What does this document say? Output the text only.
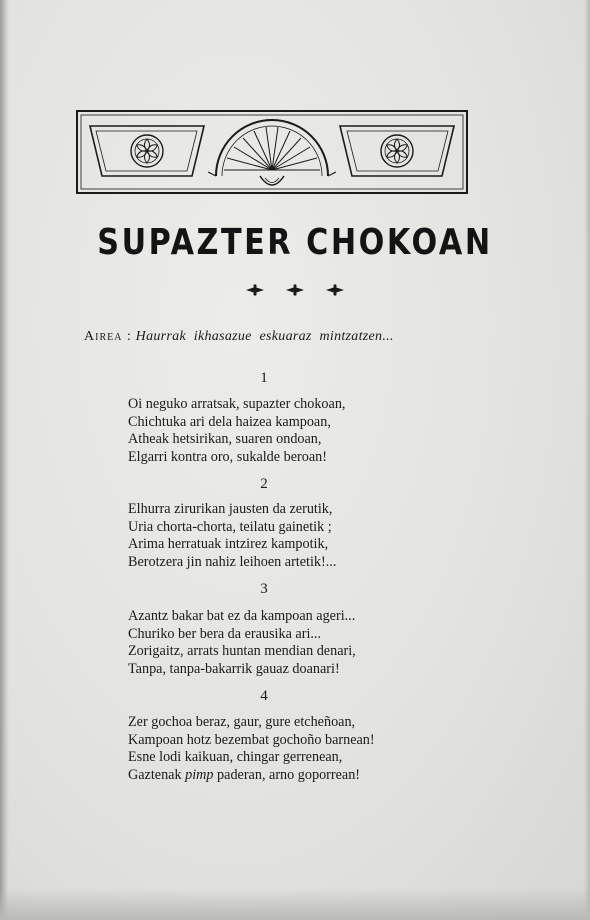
SUPAZTER CHOKOAN
Airea : Haurrak ikhasazue eskuaraz mintzatzen...
1
Oi neguko arratsak, supazter chokoan,
Chichtuka ari dela haizea kampoan,
Atheak hetsirikan, suaren ondoan,
Elgarri kontra oro, sukalde beroan!
2
Elhurra zirurikan jausten da zerutik,
Uria chorta-chorta, teilatu gainetik ;
Arima herratuak intzirez kampotik,
Berotzera jin nahiz leihoen artetik!...
3
Azantz bakar bat ez da kampoan ageri...
Churiko ber bera da erausika ari...
Zorigaitz, arrats huntan mendian denari,
Tanpa, tanpa-bakarrik gauaz doanari!
4
Zer gochoa beraz, gaur, gure etcheñoan,
Kampoan hotz bezembat gochoño barnean!
Esne lodi kaikuan, chingar gerrenean,
Gaztenak pimp paderan, arno goporrean!
